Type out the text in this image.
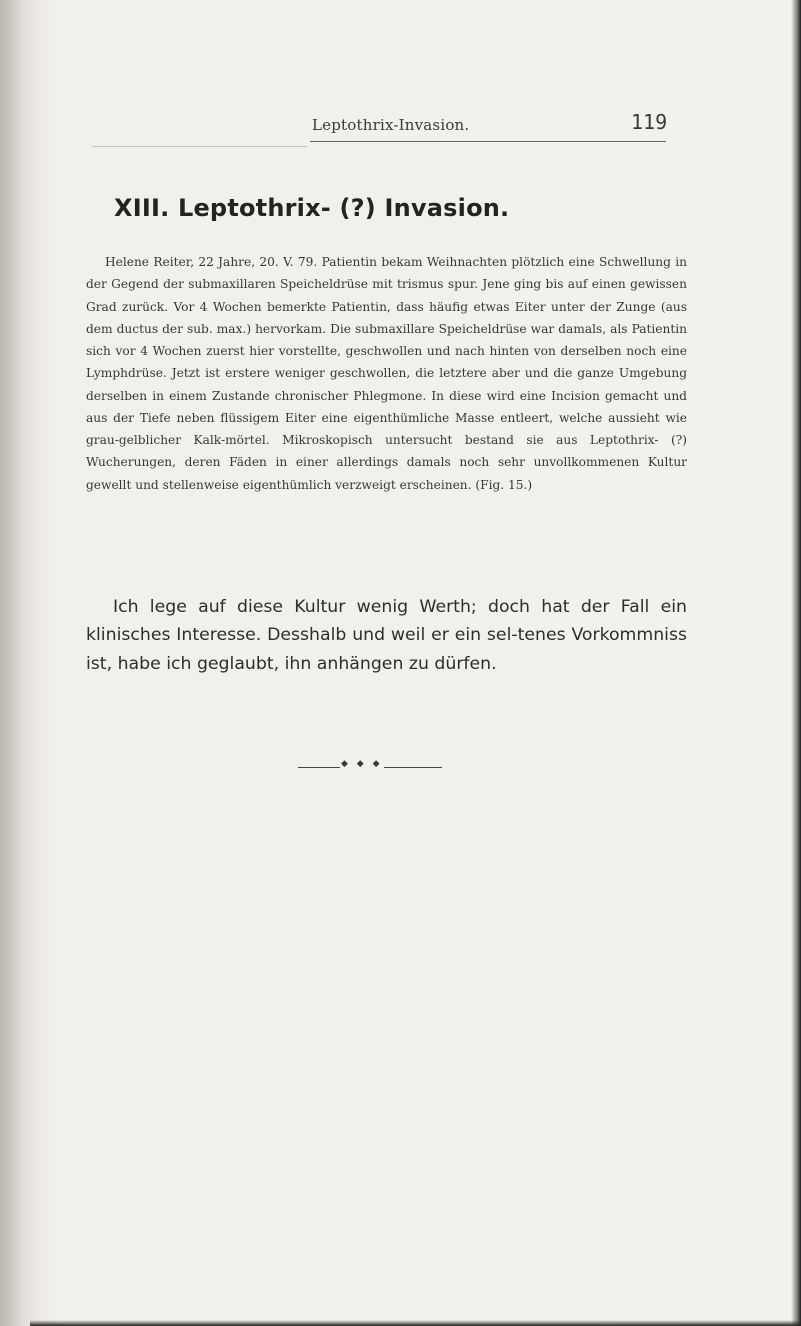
Leptothrix-Invasion.	119
XIII. Leptothrix- (?) Invasion.

Helene Reiter, 22 Jahre, 20. V. 79. Patientin bekam Weihnachten plötzlich eine Schwellung in der Gegend der submaxillaren Speicheldrüse mit trismus spur. Jene ging bis auf einen gewissen Grad zurück. Vor 4 Wochen bemerkte Patientin, dass häufig etwas Eiter unter der Zunge (aus dem ductus der sub. max.) hervorkam. Die submaxillare Speicheldrüse war damals, als Patientin sich vor 4 Wochen zuerst hier vorstellte, geschwollen und nach hinten von derselben noch eine Lymphdrüse. Jetzt ist erstere weniger geschwollen, die letztere aber und die ganze Umgebung derselben in einem Zustande chronischer Phlegmone. In diese wird eine Incision gemacht und aus der Tiefe neben flüssigem Eiter eine eigenthümliche Masse entleert, welche aussieht wie grau-gelblicher Kalk-mörtel. Mikroskopisch untersucht bestand sie aus Leptothrix- (?) Wucherungen, deren Fäden in einer allerdings damals noch sehr unvollkommenen Kultur gewellt und stellenweise eigenthümlich verzweigt erscheinen. (Fig. 15.)

Ich lege auf diese Kultur wenig Werth; doch hat der Fall ein klinisches Interesse. Desshalb und weil er ein sel-tenes Vorkommniss ist, habe ich geglaubt, ihn anhängen zu dürfen.

◆ ◆ ◆
